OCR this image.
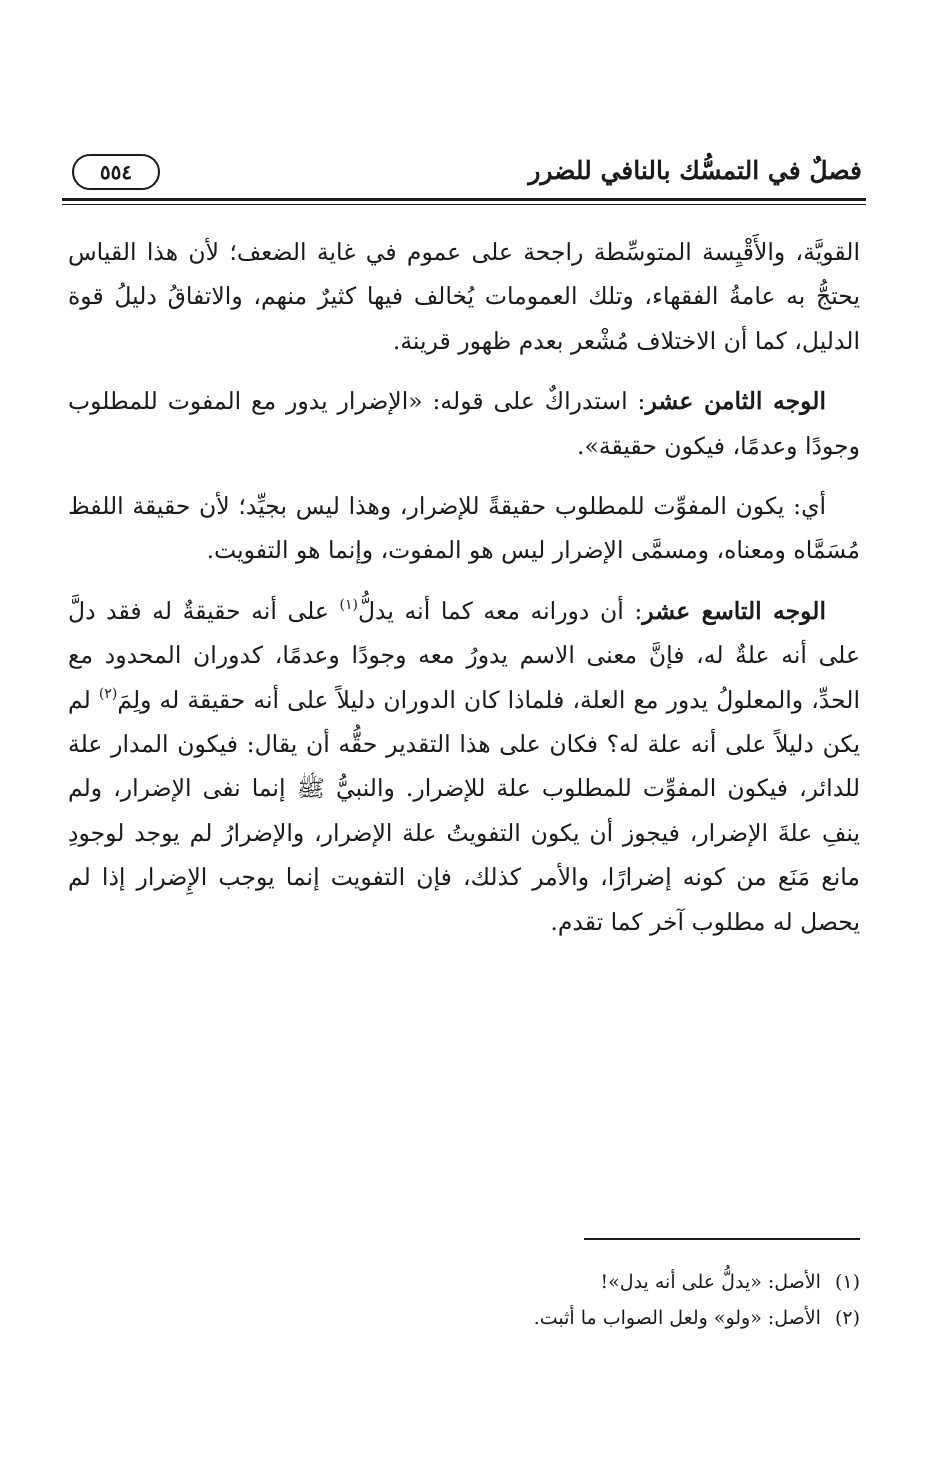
فصلٌ في التمسُّك بالنافي للضرر
٥٥٤

القويَّة، والأَقْيِسة المتوسِّطة راجحة على عموم في غاية الضعف؛ لأن هذا القياس يحتجُّ به عامةُ الفقهاء، وتلك العمومات يُخالف فيها كثيرٌ منهم، والاتفاقُ دليلُ قوة الدليل، كما أن الاختلاف مُشْعر بعدم ظهور قرينة.

الوجه الثامن عشر: استدراكٌ على قوله: «الإضرار يدور مع المفوت للمطلوب وجودًا وعدمًا، فيكون حقيقة».

أي: يكون المفوِّت للمطلوب حقيقةً للإضرار، وهذا ليس بجيِّد؛ لأن حقيقة اللفظ مُسَمَّاه ومعناه، ومسمَّى الإضرار ليس هو المفوت، وإنما هو التفويت.

الوجه التاسع عشر: أن دورانه معه كما أنه يدلُّ$^{(١)}$ على أنه حقيقةٌ له فقد دلَّ على أنه علةٌ له، فإنَّ معنى الاسم يدورُ معه وجودًا وعدمًا، كدوران المحدود مع الحدِّ، والمعلولُ يدور مع العلة، فلماذا كان الدوران دليلاً على أنه حقيقة له ولِمَ$^{(٢)}$ لم يكن دليلاً على أنه علة له؟ فكان على هذا التقدير حقُّه أن يقال: فيكون المدار علة للدائر، فيكون المفوِّت للمطلوب علة للإضرار. والنبيُّ ﷺ إنما نفى الإضرار، ولم ينفِ علةَ الإضرار، فيجوز أن يكون التفويتُ علة الإضرار، والإضرارُ لم يوجد لوجودِ مانع مَنَع من كونه إضرارًا، والأمر كذلك، فإن التفويت إنما يوجب الإِضرار إذا لم يحصل له مطلوب آخر كما تقدم.

(١)
الأصل: «يدلُّ على أنه يدل»!
(٢)
الأصل: «ولو» ولعل الصواب ما أثبت.
